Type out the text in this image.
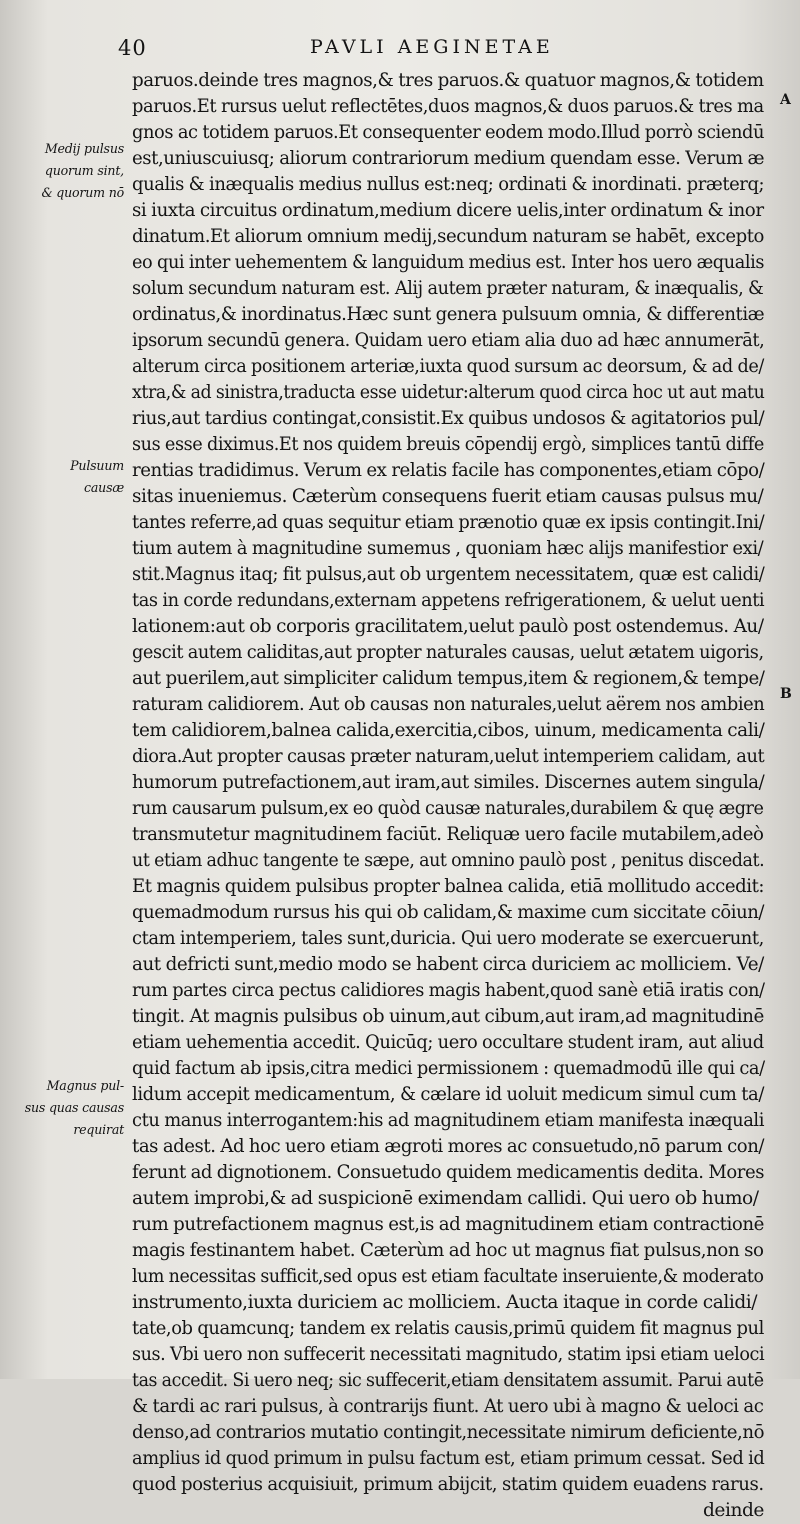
40	PAVLI AEGINETAE
paruos.deinde tres magnos,& tres paruos.& quatuor magnos,& totidem
paruos.Et rursus uelut reflectētes,duos magnos,& duos paruos.& tres ma
gnos ac totidem paruos.Et consequenter eodem modo.Illud porrò sciendū
est,uniuscuiusq; aliorum contrariorum medium quendam esse. Verum æ
qualis & inæqualis medius nullus est:neq; ordinati & inordinati. præterq;
si iuxta circuitus ordinatum,medium dicere uelis,inter ordinatum & inor
dinatum.Et aliorum omnium medij,secundum naturam se habēt, excepto
eo qui inter uehementem & languidum medius est. Inter hos uero æqualis
solum secundum naturam est. Alij autem præter naturam, & inæqualis, &
ordinatus,& inordinatus.Hæc sunt genera pulsuum omnia, & differentiæ
ipsorum secundū genera. Quidam uero etiam alia duo ad hæc annumerāt,
alterum circa positionem arteriæ,iuxta quod sursum ac deorsum, & ad de/
xtra,& ad sinistra,traducta esse uidetur:alterum quod circa hoc ut aut matu
rius,aut tardius contingat,consistit.Ex quibus undosos & agitatorios pul/
sus esse diximus.Et nos quidem breuis cōpendij ergò, simplices tantū diffe
rentias tradidimus. Verum ex relatis facile has componentes,etiam cōpo/
sitas inueniemus. Cæterùm consequens fuerit etiam causas pulsus mu/
tantes referre,ad quas sequitur etiam prænotio quæ ex ipsis contingit.Ini/
tium autem à magnitudine sumemus , quoniam hæc alijs manifestior exi/
stit.Magnus itaq; fit pulsus,aut ob urgentem necessitatem, quæ est calidi/
tas in corde redundans,externam appetens refrigerationem, & uelut uenti
lationem:aut ob corporis gracilitatem,uelut paulò post ostendemus. Au/
gescit autem caliditas,aut propter naturales causas, uelut ætatem uigoris,
aut puerilem,aut simpliciter calidum tempus,item & regionem,& tempe/
raturam calidiorem. Aut ob causas non naturales,uelut aërem nos ambien
tem calidiorem,balnea calida,exercitia,cibos, uinum, medicamenta cali/
diora.Aut propter causas præter naturam,uelut intemperiem calidam, aut
humorum putrefactionem,aut iram,aut similes. Discernes autem singula/
rum causarum pulsum,ex eo quòd causæ naturales,durabilem & quę ægre
transmutetur magnitudinem faciūt. Reliquæ uero facile mutabilem,adeò
ut etiam adhuc tangente te sæpe, aut omnino paulò post , penitus discedat.
Et magnis quidem pulsibus propter balnea calida, etiā mollitudo accedit:
quemadmodum rursus his qui ob calidam,& maxime cum siccitate cōiun/
ctam intemperiem, tales sunt,duricia. Qui uero moderate se exercuerunt,
aut defricti sunt,medio modo se habent circa duriciem ac molliciem. Ve/
rum partes circa pectus calidiores magis habent,quod sanè etiā iratis con/
tingit. At magnis pulsibus ob uinum,aut cibum,aut iram,ad magnitudinē
etiam uehementia accedit. Quicūq; uero occultare student iram, aut aliud
quid factum ab ipsis,citra medici permissionem : quemadmodū ille qui ca/
lidum accepit medicamentum, & cælare id uoluit medicum simul cum ta/
ctu manus interrogantem:his ad magnitudinem etiam manifesta inæquali
tas adest. Ad hoc uero etiam ægroti mores ac consuetudo,nō parum con/
ferunt ad dignotionem. Consuetudo quidem medicamentis dedita. Mores
autem improbi,& ad suspicionē eximendam callidi. Qui uero ob humo/
rum putrefactionem magnus est,is ad magnitudinem etiam contractionē
magis festinantem habet. Cæterùm ad hoc ut magnus fiat pulsus,non so
lum necessitas sufficit,sed opus est etiam facultate inseruiente,& moderato
instrumento,iuxta duriciem ac molliciem. Aucta itaque in corde calidi/
tate,ob quamcunq; tandem ex relatis causis,primū quidem fit magnus pul
sus. Vbi uero non suffecerit necessitati magnitudo, statim ipsi etiam ueloci
tas accedit. Si uero neq; sic suffecerit,etiam densitatem assumit. Parui autē
& tardi ac rari pulsus, à contrarijs fiunt. At uero ubi à magno & ueloci ac
denso,ad contrarios mutatio contingit,necessitate nimirum deficiente,nō
amplius id quod primum in pulsu factum est, etiam primum cessat. Sed id
quod posterius acquisiuit, primum abijcit, statim quidem euadens rarus.
deinde
Medij pulsus
quorum sint,
& quorum nō
Pulsuum
causæ
Magnus pul-
sus quas causas
requirat
A
B
